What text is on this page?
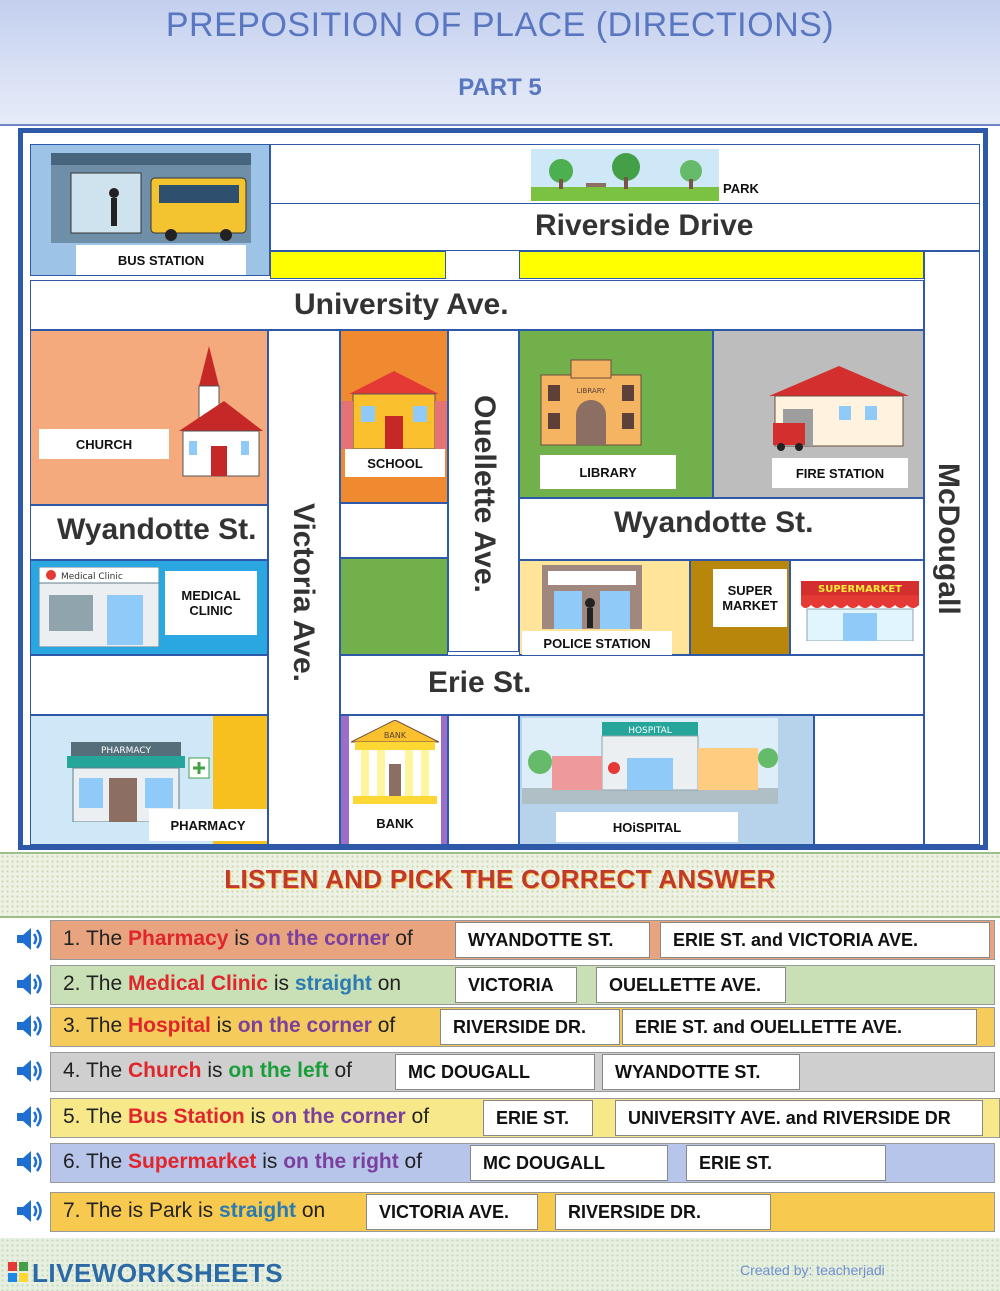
PREPOSITION OF PLACE (DIRECTIONS)
PART 5
BUS STATION
PARK
Riverside Drive
University Ave.
McDougall
CHURCH
Victoria Ave.
SCHOOL	Ouellette Ave.
LIBRARY
LIBRARY	FIRE STATION
Wyandotte St.	Wyandotte St.
Medical Clinic
MEDICAL CLINIC
POLICE STATION
SUPER MARKET
SUPERMARKET
Erie St.
PHARMACY
PHARMACY
BANK
BANK
HOSPITAL
HOiSPITAL
LISTEN AND PICK THE CORRECT ANSWER
1. The Pharmacy is on the corner of	WYANDOTTE ST.	ERIE ST. and VICTORIA AVE.
2. The Medical Clinic is straight on	VICTORIA	OUELLETTE AVE.
3. The Hospital is on the corner of	RIVERSIDE DR.	ERIE ST. and OUELLETTE AVE.
4. The Church is on the left of	MC DOUGALL	WYANDOTTE ST.
5. The Bus Station is on the corner of	ERIE ST.	UNIVERSITY AVE. and RIVERSIDE DR
6. The Supermarket is on the right of	MC DOUGALL	ERIE ST.
7. The is Park is straight on	VICTORIA AVE.	RIVERSIDE DR.
LIVEWORKSHEETS	Created by: teacherjadi
